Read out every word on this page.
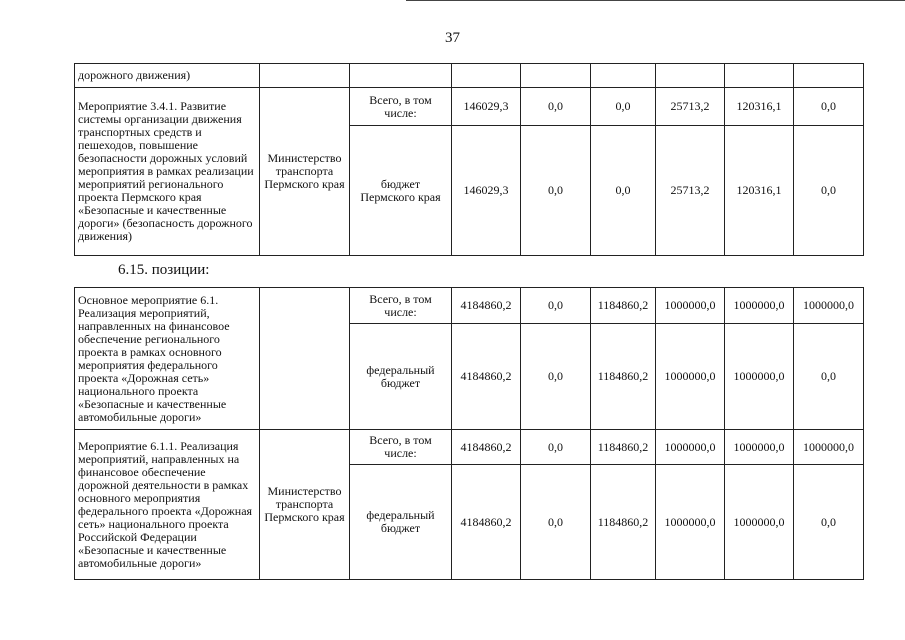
37
дорожного движения)								
Мероприятие 3.4.1. Развитие системы организации движения транспортных средств и пешеходов, повышение безопасности дорожных условий мероприятия в рамках реализации мероприятий регионального проекта Пермского края «Безопасные и качественные дороги» (безопасность дорожного движения)	Министерство транспорта Пермского края	Всего, в том числе:	146029,3	0,0	0,0	25713,2	120316,1	0,0
		бюджет Пермского края	146029,3	0,0	0,0	25713,2	120316,1	0,0
6.15. позиции:
Основное мероприятие 6.1. Реализация мероприятий, направленных на финансовое обеспечение регионального проекта в рамках основного мероприятия федерального проекта «Дорожная сеть» национального проекта «Безопасные и качественные автомобильные дороги»		Всего, в том числе:	4184860,2	0,0	1184860,2	1000000,0	1000000,0	1000000,0
		федеральный бюджет	4184860,2	0,0	1184860,2	1000000,0	1000000,0	0,0
Мероприятие 6.1.1. Реализация мероприятий, направленных на финансовое обеспечение дорожной деятельности в рамках основного мероприятия федерального проекта «Дорожная сеть» национального проекта Российской Федерации «Безопасные и качественные автомобильные дороги»	Министерство транспорта Пермского края	Всего, в том числе:	4184860,2	0,0	1184860,2	1000000,0	1000000,0	1000000,0
		федеральный бюджет	4184860,2	0,0	1184860,2	1000000,0	1000000,0	0,0
